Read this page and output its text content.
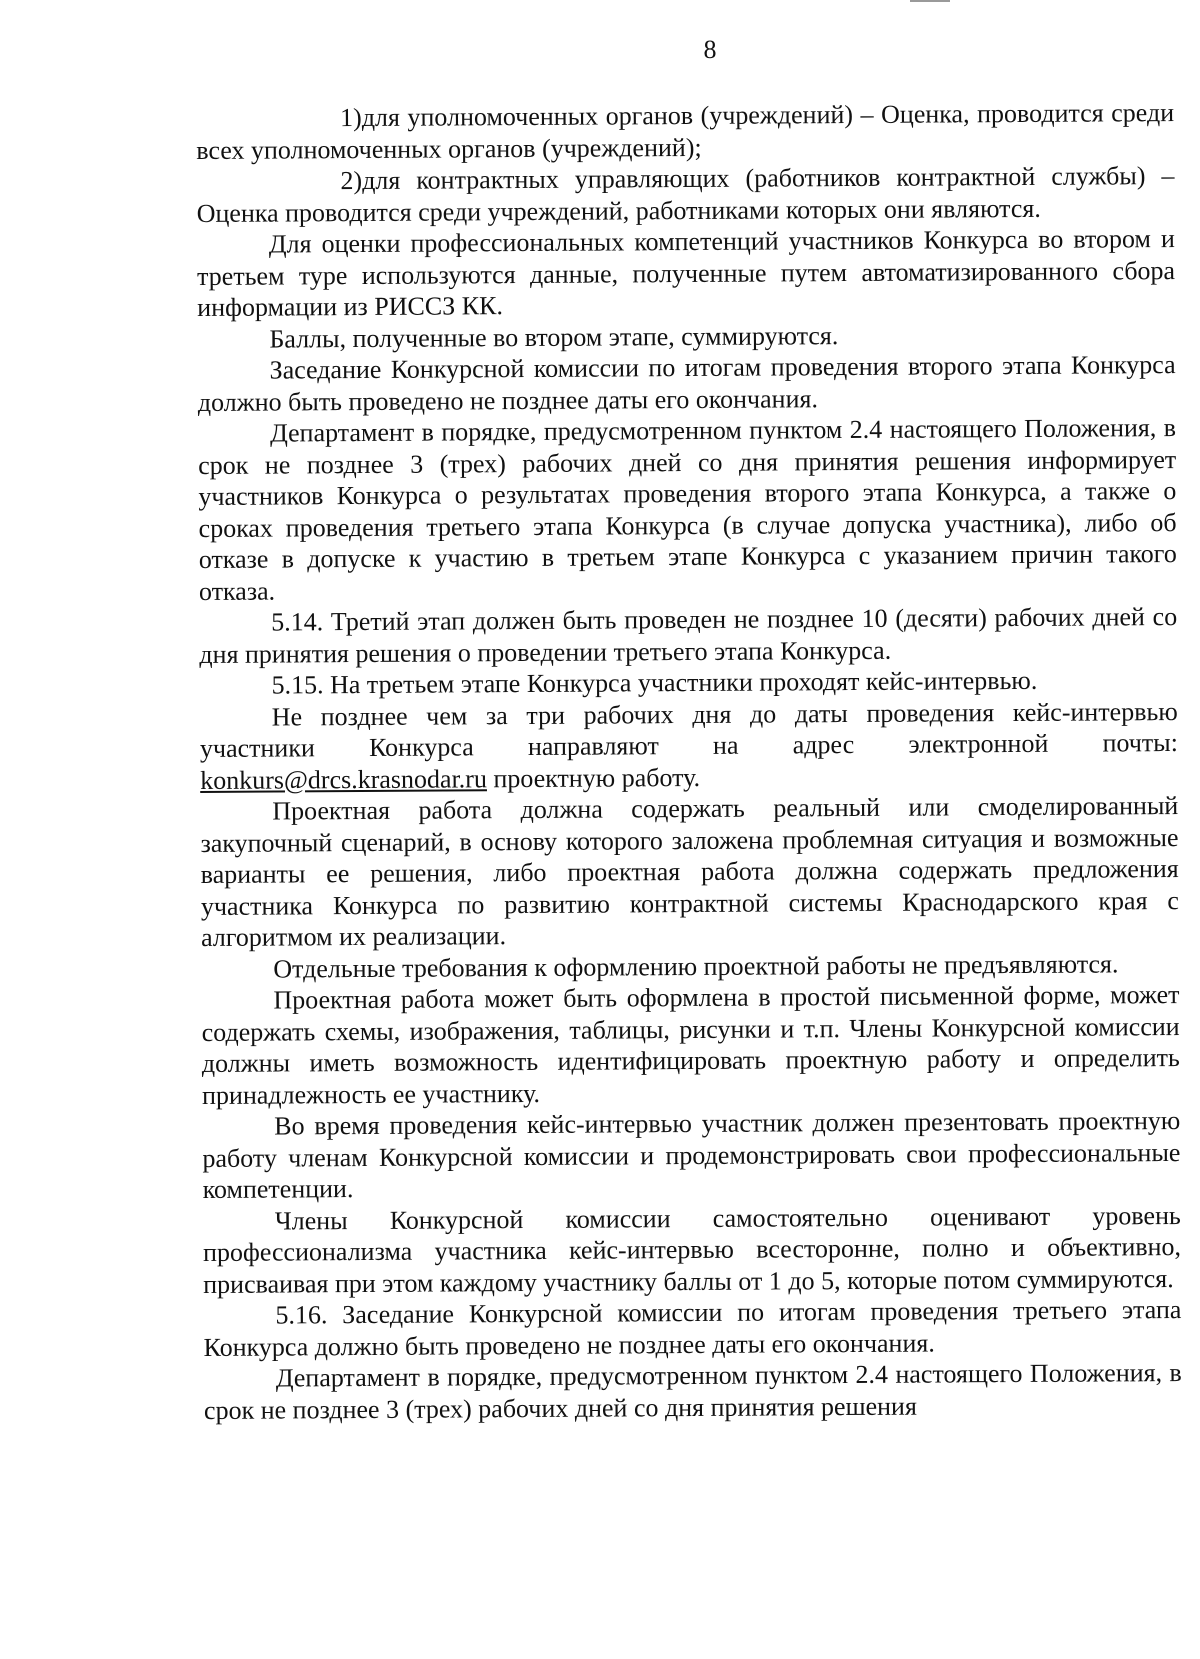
8

1)для уполномоченных органов (учреждений) – Оценка, проводится среди всех уполномоченных органов (учреждений);

2)для контрактных управляющих (работников контрактной службы) – Оценка проводится среди учреждений, работниками которых они являются.

Для оценки профессиональных компетенций участников Конкурса во втором и третьем туре используются данные, полученные путем автоматизированного сбора информации из РИССЗ КК.

Баллы, полученные во втором этапе, суммируются.

Заседание Конкурсной комиссии по итогам проведения второго этапа Конкурса должно быть проведено не позднее даты его окончания.

Департамент в порядке, предусмотренном пунктом 2.4 настоящего Положения, в срок не позднее 3 (трех) рабочих дней со дня принятия решения информирует участников Конкурса о результатах проведения второго этапа Конкурса, а также о сроках проведения третьего этапа Конкурса (в случае допуска участника), либо об отказе в допуске к участию в третьем этапе Конкурса с указанием причин такого отказа.

5.14. Третий этап должен быть проведен не позднее 10 (десяти) рабочих дней со дня принятия решения о проведении третьего этапа Конкурса.

5.15. На третьем этапе Конкурса участники проходят кейс-интервью.

Не позднее чем за три рабочих дня до даты проведения кейс-интервью участники Конкурса направляют на адрес электронной почты: konkurs@drcs.krasnodar.ru проектную работу.

Проектная работа должна содержать реальный или смоделированный закупочный сценарий, в основу которого заложена проблемная ситуация и возможные варианты ее решения, либо проектная работа должна содержать предложения участника Конкурса по развитию контрактной системы Краснодарского края с алгоритмом их реализации.

Отдельные требования к оформлению проектной работы не предъявляются.

Проектная работа может быть оформлена в простой письменной форме, может содержать схемы, изображения, таблицы, рисунки и т.п. Члены Конкурсной комиссии должны иметь возможность идентифицировать проектную работу и определить принадлежность ее участнику.

Во время проведения кейс-интервью участник должен презентовать проектную работу членам Конкурсной комиссии и продемонстрировать свои профессиональные компетенции.

Члены Конкурсной комиссии самостоятельно оценивают уровень профессионализма участника кейс-интервью всесторонне, полно и объективно, присваивая при этом каждому участнику баллы от 1 до 5, которые потом суммируются.

5.16. Заседание Конкурсной комиссии по итогам проведения третьего этапа Конкурса должно быть проведено не позднее даты его окончания.

Департамент в порядке, предусмотренном пунктом 2.4 настоящего Положения, в срок не позднее 3 (трех) рабочих дней со дня принятия решения
